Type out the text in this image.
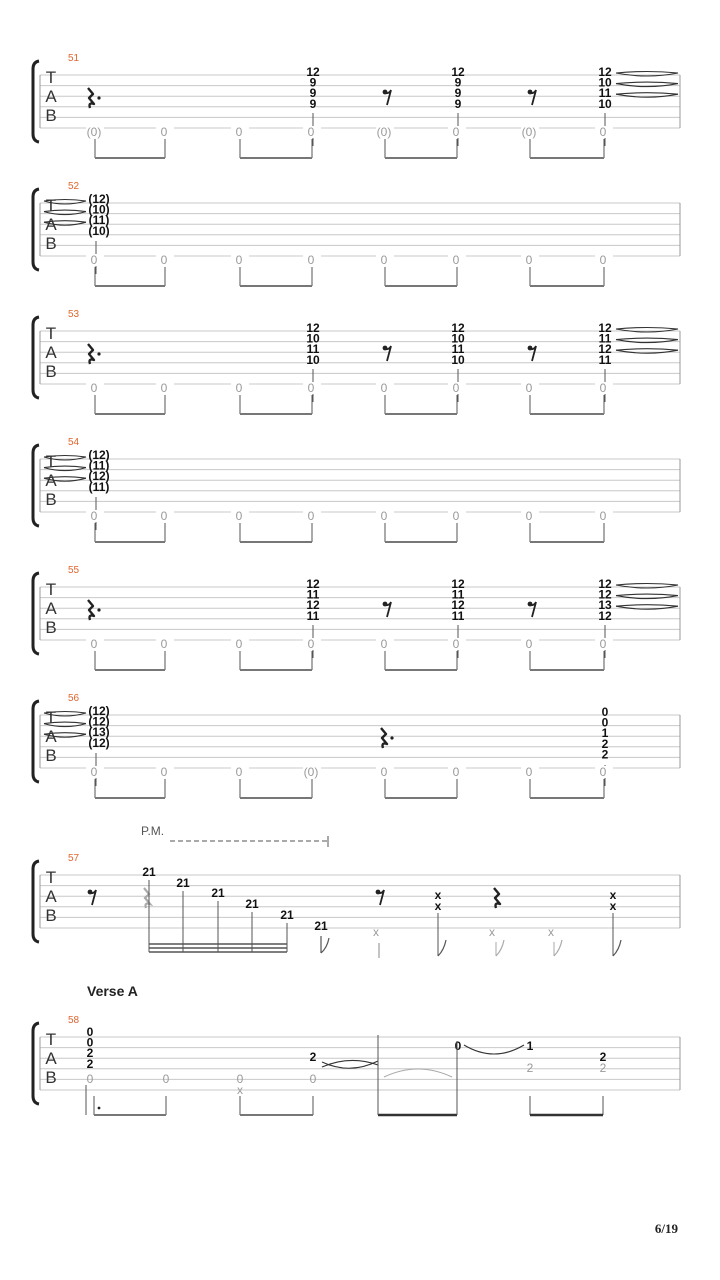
6/19
Verse A
P.M.
T
A
B
51
(0)	0	0
12
9
9
9
0	(0)
12
9
9
9
0	(0)
12
10
11
10
0
T
A
B
52
(12)
(10)
(11)
(10)
0	0	0	0	0	0	0	0
T
A
B
53
0	0	0
12
10
11
10
0	0
12
10
11
10
0	0
12
11
12
11
0
T
A
B
54
(12)
(11)
(12)
(11)
0	0	0	0	0	0	0	0
T
A
B
55
0	0	0
12
11
12
11
0	0
12
11
12
11
0	0
12
12
13
12
0
T
A
B
56
(12)
(12)
(13)
(12)
0	0	0	(0)	0	0	0
0
0
1
2
2
0
T
A
B
57
21
21
21
21
21
21	x	x	x
x
x
x
x
T
A
B
58
0
0
2
2
0	0	0
x
2
0
0	1
2
2
2
